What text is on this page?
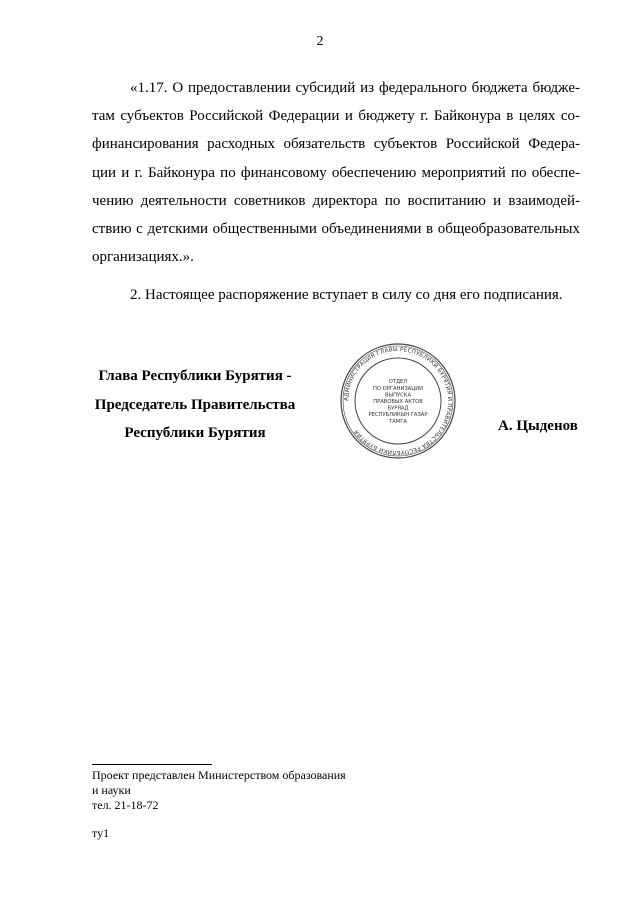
2
«1.17. О предоставлении субсидий из федерального бюджета бюдже-
там субъектов Российской Федерации и бюджету г. Байконура в целях со-
финансирования расходных обязательств субъектов Российской Федера-
ции и г. Байконура по финансовому обеспечению мероприятий по обеспе-
чению деятельности советников директора по воспитанию и взаимодей-
ствию с детскими общественными объединениями в общеобразовательных
организациях.».
2. Настоящее распоряжение вступает в силу со дня его подписания.
Глава Республики Бурятия -
Председатель Правительства
Республики Бурятия
АДМИНИСТРАЦИЯ ГЛАВЫ РЕСПУБЛИКИ БУРЯТИЯ И ПРАВИТЕЛЬСТВА РЕСПУБЛИКИ БУРЯТИЯ
ОТДЕЛ
ПО ОРГАНИЗАЦИИ
ВЫПУСКА
ПРАВОВЫХ АКТОВ
БУРЯАД
РЕСПУБЛИКЫН ГАЗАР
ТАМГА	А. Цыденов
Проект представлен Министерством образования
и науки
тел. 21-18-72
ту1
